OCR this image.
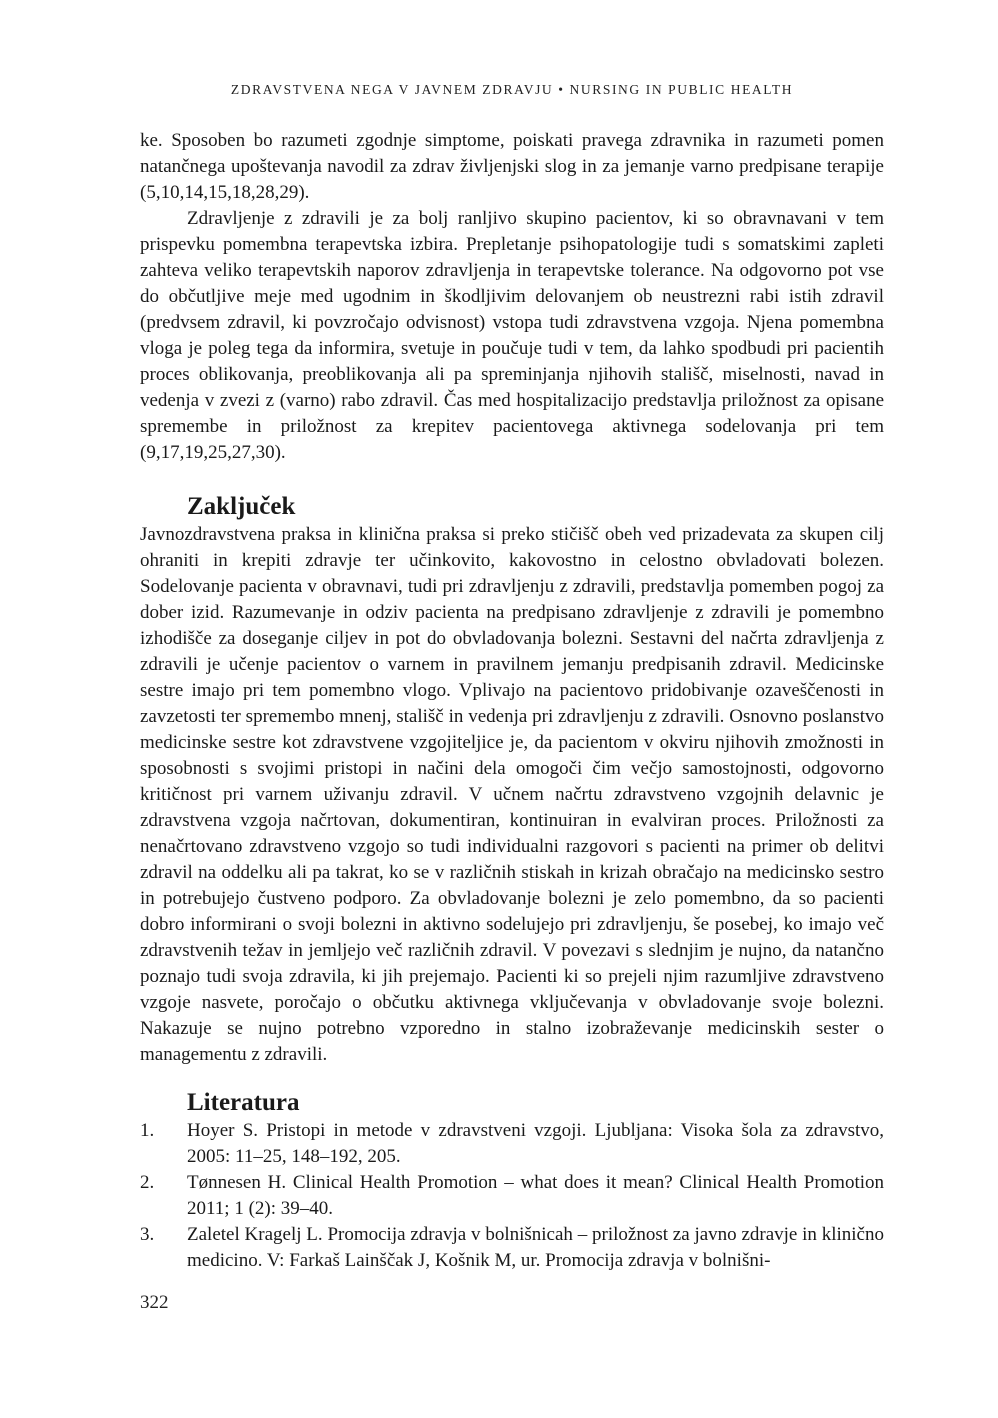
ZDRAVSTVENA NEGA V JAVNEM ZDRAVJU • NURSING IN PUBLIC HEALTH

ke. Sposoben bo razumeti zgodnje simptome, poiskati pravega zdravnika in razumeti pomen natančnega upoštevanja navodil za zdrav življenjski slog in za jemanje varno predpisane terapije (5,10,14,15,18,28,29).

Zdravljenje z zdravili je za bolj ranljivo skupino pacientov, ki so obravnavani v tem prispevku pomembna terapevtska izbira. Prepletanje psihopatologije tudi s somatskimi zapleti zahteva veliko terapevtskih naporov zdravljenja in terapevtske tolerance. Na odgovorno pot vse do občutljive meje med ugodnim in škodljivim delovanjem ob neustrezni rabi istih zdravil (predvsem zdravil, ki povzročajo odvisnost) vstopa tudi zdravstvena vzgoja. Njena pomembna vloga je poleg tega da informira, svetuje in poučuje tudi v tem, da lahko spodbudi pri pacientih proces oblikovanja, preoblikovanja ali pa spreminjanja njihovih stališč, miselnosti, navad in vedenja v zvezi z (varno) rabo zdravil. Čas med hospitalizacijo predstavlja priložnost za opisane spremembe in priložnost za krepitev pacientovega aktivnega sodelovanja pri tem (9,17,19,25,27,30).

Zaključek

Javnozdravstvena praksa in klinična praksa si preko stičišč obeh ved prizadevata za skupen cilj ohraniti in krepiti zdravje ter učinkovito, kakovostno in celostno obvladovati bolezen. Sodelovanje pacienta v obravnavi, tudi pri zdravljenju z zdravili, predstavlja pomemben pogoj za dober izid. Razumevanje in odziv pacienta na predpisano zdravljenje z zdravili je pomembno izhodišče za doseganje ciljev in pot do obvladovanja bolezni. Sestavni del načrta zdravljenja z zdravili je učenje pacientov o varnem in pravilnem jemanju predpisanih zdravil. Medicinske sestre imajo pri tem pomembno vlogo. Vplivajo na pacientovo pridobivanje ozaveščenosti in zavzetosti ter spremembo mnenj, stališč in vedenja pri zdravljenju z zdravili. Osnovno poslanstvo medicinske sestre kot zdravstvene vzgojiteljice je, da pacientom v okviru njihovih zmožnosti in sposobnosti s svojimi pristopi in načini dela omogoči čim večjo samostojnosti, odgovorno kritičnost pri varnem uživanju zdravil. V učnem načrtu zdravstveno vzgojnih delavnic je zdravstvena vzgoja načrtovan, dokumentiran, kontinuiran in evalviran proces. Priložnosti za nenačrtovano zdravstveno vzgojo so tudi individualni razgovori s pacienti na primer ob delitvi zdravil na oddelku ali pa takrat, ko se v različnih stiskah in krizah obračajo na medicinsko sestro in potrebujejo čustveno podporo. Za obvladovanje bolezni je zelo pomembno, da so pacienti dobro informirani o svoji bolezni in aktivno sodelujejo pri zdravljenju, še posebej, ko imajo več zdravstvenih težav in jemljejo več različnih zdravil. V povezavi s slednjim je nujno, da natančno poznajo tudi svoja zdravila, ki jih prejemajo. Pacienti ki so prejeli njim razumljive zdravstveno vzgoje nasvete, poročajo o občutku aktivnega vključevanja v obvladovanje svoje bolezni. Nakazuje se nujno potrebno vzporedno in stalno izobraževanje medicinskih sester o managementu z zdravili.

Literatura
1. Hoyer S. Pristopi in metode v zdravstveni vzgoji. Ljubljana: Visoka šola za zdravstvo, 2005: 11–25, 148–192, 205.
2. Tønnesen H. Clinical Health Promotion – what does it mean? Clinical Health Promotion 2011; 1 (2): 39–40.
3. Zaletel Kragelj L. Promocija zdravja v bolnišnicah – priložnost za javno zdravje in klinično medicino. V: Farkaš Lainščak J, Košnik M, ur. Promocija zdravja v bolnišni-
322
